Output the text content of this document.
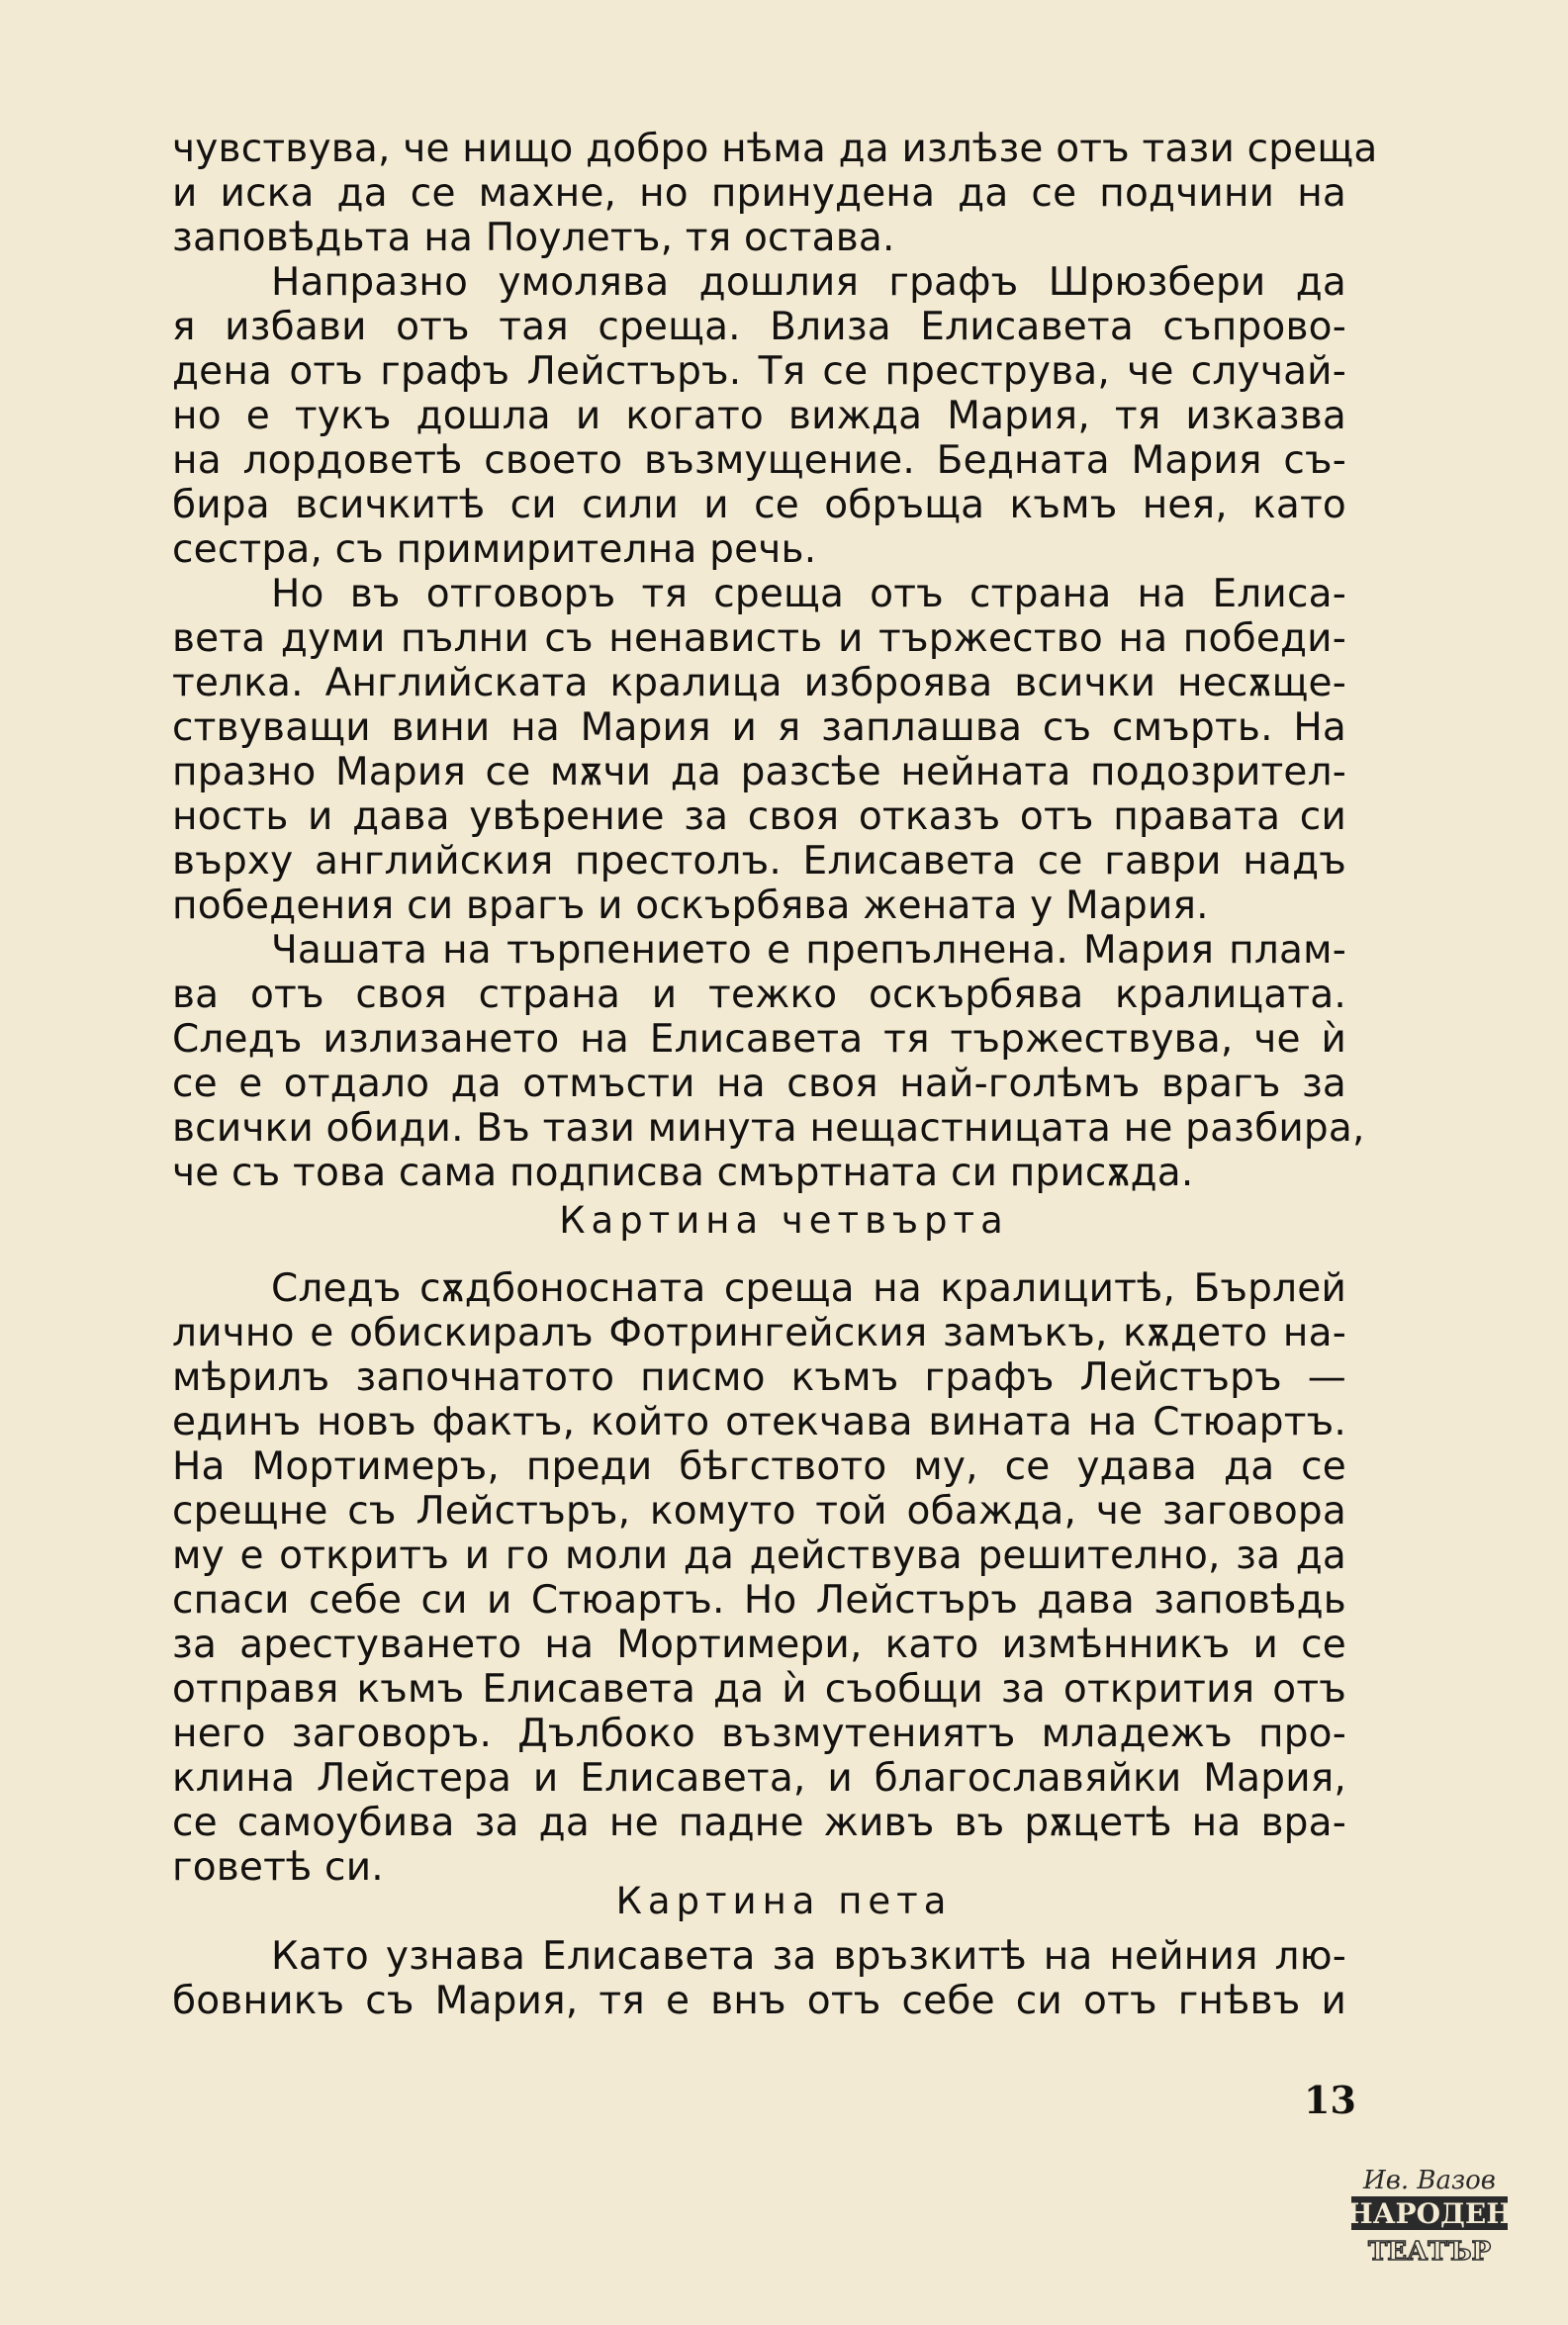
чувствува, че нищо добро нѣма да излѣзе отъ тази среща
и иска да се махне, но принудена да се подчини на
заповѣдьта на Поулетъ, тя остава.
Напразно умолява дошлия графъ Шрюзбери да
я избави отъ тая среща. Влиза Елисавета съпрово-
дена отъ графъ Лейстъръ. Тя се преструва, че случай-
но е тукъ дошла и когато вижда Мария, тя изказва
на лордоветѣ своето възмущение. Бедната Мария съ-
бира всичкитѣ си сили и се обръща къмъ нея, като
сестра, съ примирителна речь.
Но въ отговоръ тя среща отъ страна на Елиса-
вета думи пълни съ ненависть и тържество на победи-
телка. Английската кралица изброява всички несѫще-
ствуващи вини на Мария и я заплашва съ смърть. На
празно Мария се мѫчи да разсѣе нейната подозрител-
ность и дава увѣрение за своя отказъ отъ правата си
върху английския престолъ. Елисавета се гаври надъ
победения си врагъ и оскърбява жената у Мария.
Чашата на търпението е препълнена. Мария плам-
ва отъ своя страна и тежко оскърбява кралицата.
Следъ излизането на Елисавета тя тържествува, че ѝ
се е отдало да отмъсти на своя най-голѣмъ врагъ за
всички обиди. Въ тази минута нещастницата не разбира,
че съ това сама подписва смъртната си присѫда.
Картина четвърта
Следъ сѫдбоносната среща на кралицитѣ, Бърлей
лично е обискиралъ Фотрингейския замъкъ, кѫдето на-
мѣрилъ започнатото писмо къмъ графъ Лейстъръ —
единъ новъ фактъ, който отекчава вината на Стюартъ.
На Мортимеръ, преди бѣгството му, се удава да се
срещне съ Лейстъръ, комуто той обажда, че заговора
му е откритъ и го моли да действува решително, за да
спаси себе си и Стюартъ. Но Лейстъръ дава заповѣдь
за арестуването на Мортимери, като измѣнникъ и се
отправя къмъ Елисавета да ѝ съобщи за открития отъ
него заговоръ. Дълбоко възмутениятъ младежъ про-
клина Лейстера и Елисавета, и благославяйки Мария,
се самоубива за да не падне живъ въ рѫцетѣ на вра-
говетѣ си.
Картина пета
Като узнава Елисавета за връзкитѣ на нейния лю-
бовникъ съ Мария, тя е внъ отъ себе си отъ гнѣвъ и
13
Ив. Вазов
НАРОДЕН
ТЕАТЪР
